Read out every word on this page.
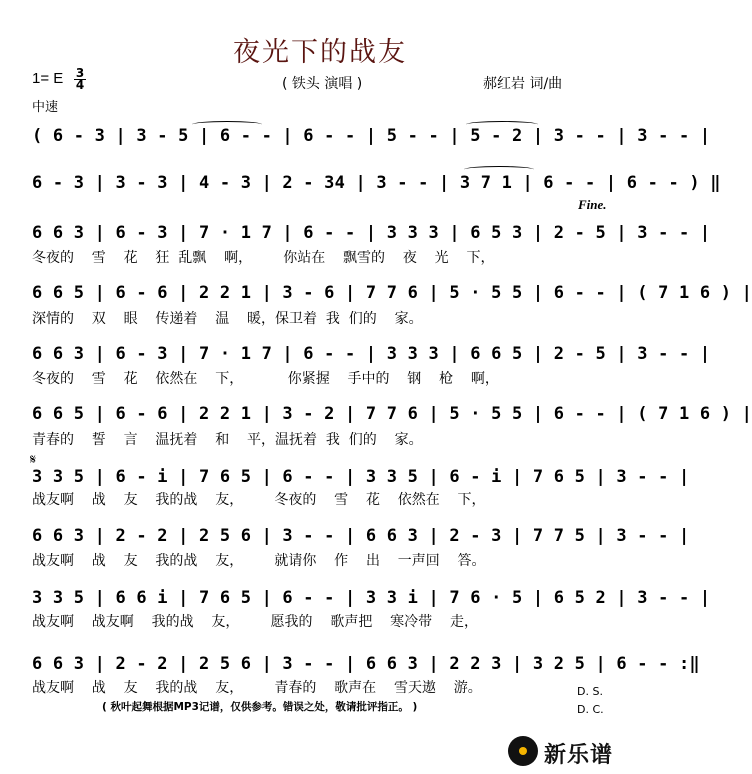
夜光下的战友
1= E 3
4	( 铁头 演唱 )	郝红岩 词/曲
中速
( 6 - 3 | 3 - 5 | 6 - - | 6 - - | 5 - - | 5 - 2 | 3 - - | 3 - - |
6 - 3 | 3 - 3 | 4 - 3 | 2 - 34 | 3 - - | 3 7 1 | 6 - - | 6 - - ) ‖
Fine.
6 6 3 | 6 - 3 | 7 · 1 7 | 6 - - | 3 3 3 | 6 5 3 | 2 - 5 | 3 - - |
冬夜的    雪    花    狂  乱飘    啊，       你站在    飘雪的    夜    光    下，
6 6 5 | 6 - 6 | 2 2 1 | 3 - 6 | 7 7 6 | 5 · 5 5 | 6 - - | ( 7 1 6 ) |
深情的    双    眼    传递着    温    暖，保卫着  我  们的    家。
6 6 3 | 6 - 3 | 7 · 1 7 | 6 - - | 3 3 3 | 6 6 5 | 2 - 5 | 3 - - |
冬夜的    雪    花    依然在    下，          你紧握    手中的    钢    枪    啊，
6 6 5 | 6 - 6 | 2 2 1 | 3 - 2 | 7 7 6 | 5 · 5 5 | 6 - - | ( 7 1 6 ) |
青春的    誓    言    温抚着    和    平，温抚着  我  们的    家。
𝄋
3 3 5 | 6 - i | 7 6 5 | 6 - - | 3 3 5 | 6 - i | 7 6 5 | 3 - - |
战友啊    战    友    我的战    友，       冬夜的    雪    花    依然在    下，
6 6 3 | 2 - 2 | 2 5 6 | 3 - - | 6 6 3 | 2 - 3 | 7 7 5 | 3 - - |
战友啊    战    友    我的战    友，       就请你    作    出    一声回    答。
3 3 5 | 6 6 i | 7 6 5 | 6 - - | 3 3 i | 7 6 · 5 | 6 5 2 | 3 - - |
战友啊    战友啊    我的战    友，       愿我的    歌声把    寒冷带    走，
6 6 3 | 2 - 2 | 2 5 6 | 3 - - | 6 6 3 | 2 2 3 | 3 2 5 | 6 - - :‖
战友啊    战    友    我的战    友，       青春的    歌声在    雪天遨    游。	D. S.
D. C.
( 秋叶起舞根据MP3记谱，仅供参考。错误之处，敬请批评指正。 )
新乐谱
